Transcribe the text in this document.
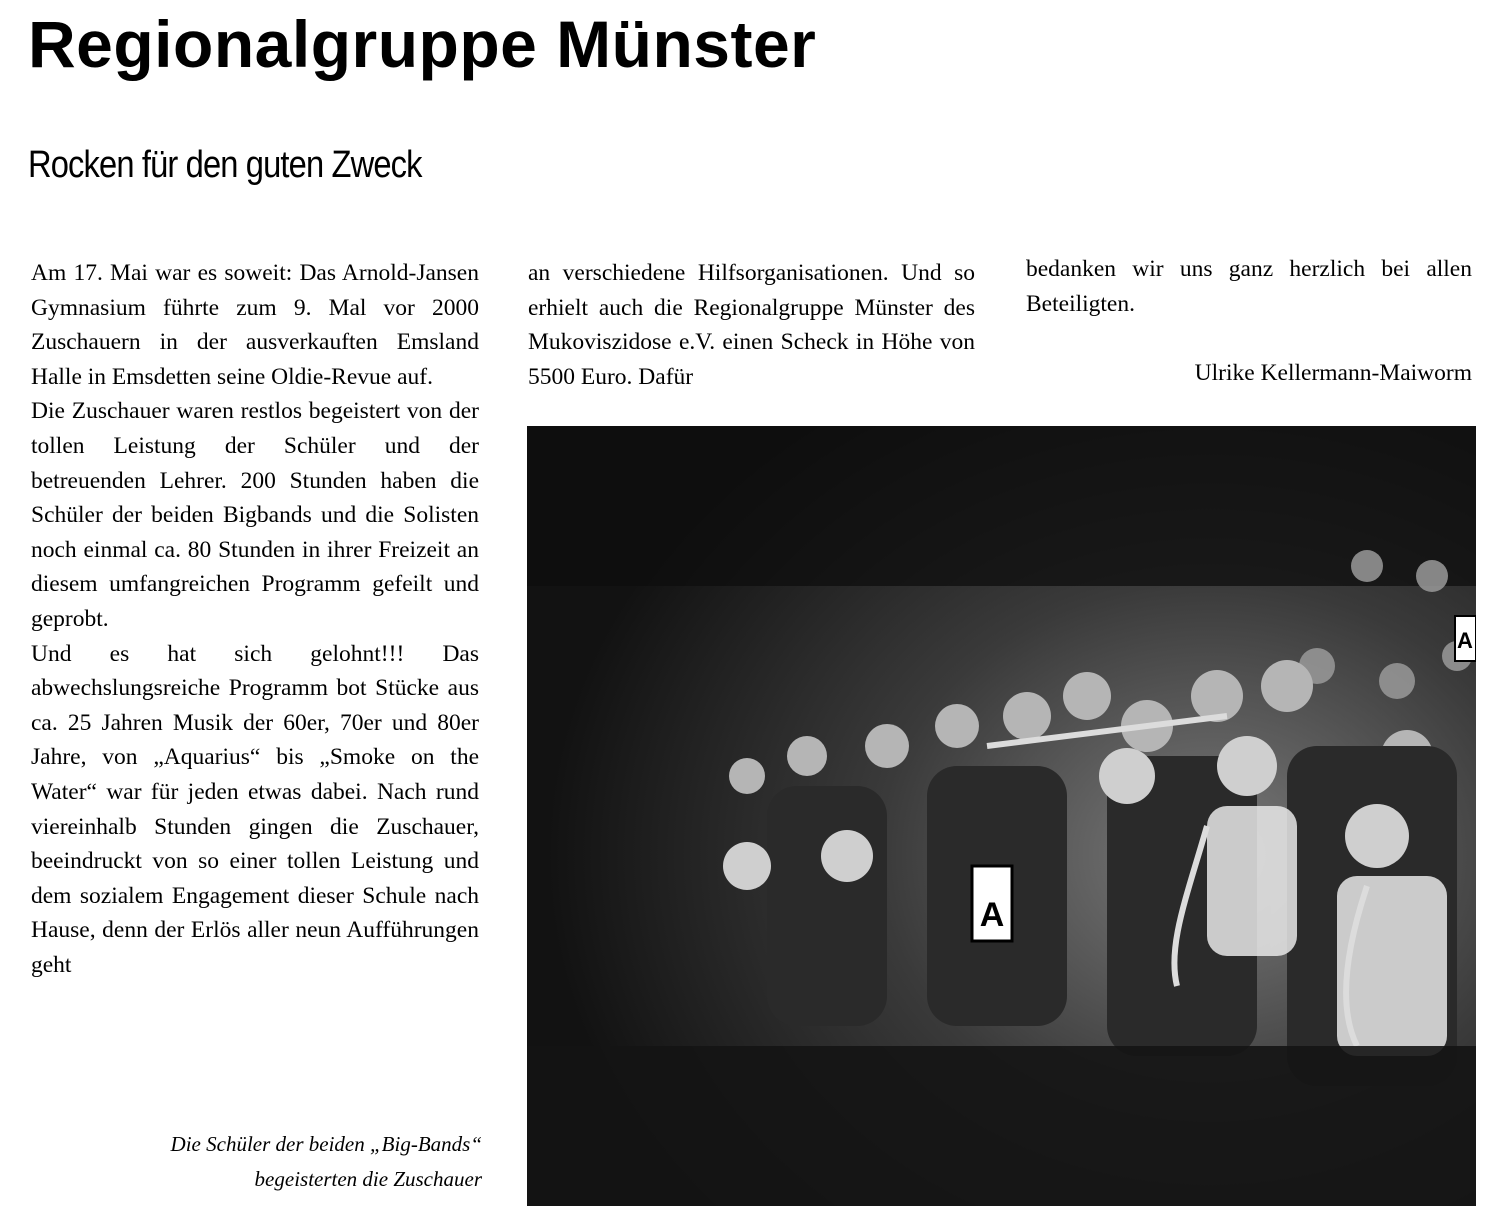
Regionalgruppe Münster
Rocken für den guten Zweck

Am 17. Mai war es soweit: Das Arnold-Jansen Gymnasium führte zum 9. Mal vor 2000 Zuschauern in der ausverkauften Emsland Halle in Emsdetten seine Oldie-Revue auf.

Die Zuschauer waren restlos begeistert von der tollen Leistung der Schüler und der betreuenden Lehrer. 200 Stunden haben die Schüler der beiden Bigbands und die Solisten noch einmal ca. 80 Stunden in ihrer Freizeit an diesem umfangreichen Programm gefeilt und geprobt.

Und es hat sich gelohnt!!! Das abwechslungsreiche Programm bot Stücke aus ca. 25 Jahren Musik der 60er, 70er und 80er Jahre, von „Aquarius“ bis „Smoke on the Water“ war für jeden etwas dabei. Nach rund viereinhalb Stunden gingen die Zuschauer, beeindruckt von so einer tollen Leistung und dem sozialem Engagement dieser Schule nach Hause, denn der Erlös aller neun Aufführungen geht

an verschiedene Hilfsorganisationen. Und so erhielt auch die Regionalgruppe Münster des Mukoviszidose e.V. einen Scheck in Höhe von 5500 Euro. Dafür

bedanken wir uns ganz herzlich bei allen Beteiligten.

Ulrike Kellermann-Maiworm
A
A
Die Schüler der beiden „Big-Bands“
begeisterten die Zuschauer
